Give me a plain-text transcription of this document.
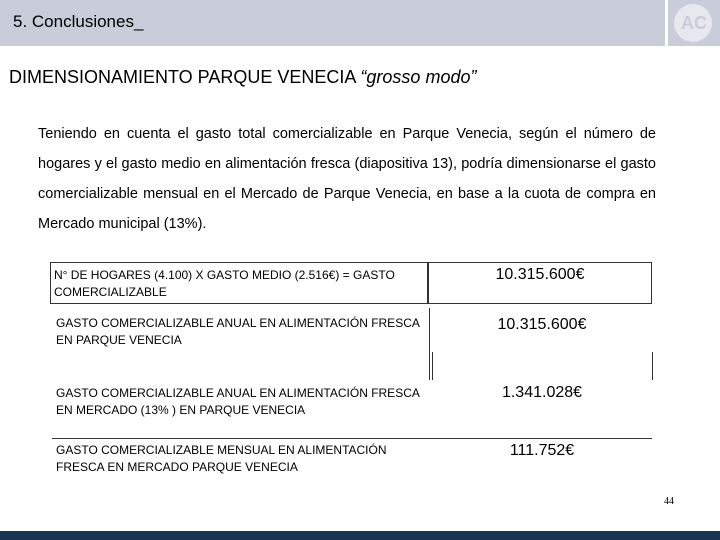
5. Conclusiones_	AC
DIMENSIONAMIENTO PARQUE VENECIA “grosso modo”
Teniendo en cuenta el gasto total comercializable en Parque Venecia, según el número de hogares y el gasto medio en alimentación fresca (diapositiva 13), podría dimensionarse el gasto comercializable mensual en el Mercado de Parque Venecia, en base a la cuota de compra en Mercado municipal (13%).
N° DE HOGARES (4.100) X GASTO MEDIO (2.516€) = GASTO COMERCIALIZABLE
10.315.600€
GASTO COMERCIALIZABLE ANUAL EN ALIMENTACIÓN FRESCA EN PARQUE VENECIA
10.315.600€
GASTO COMERCIALIZABLE ANUAL EN ALIMENTACIÓN FRESCA EN MERCADO (13% ) EN PARQUE VENECIA
1.341.028€
GASTO COMERCIALIZABLE MENSUAL EN ALIMENTACIÓN FRESCA EN MERCADO PARQUE VENECIA
111.752€
44
